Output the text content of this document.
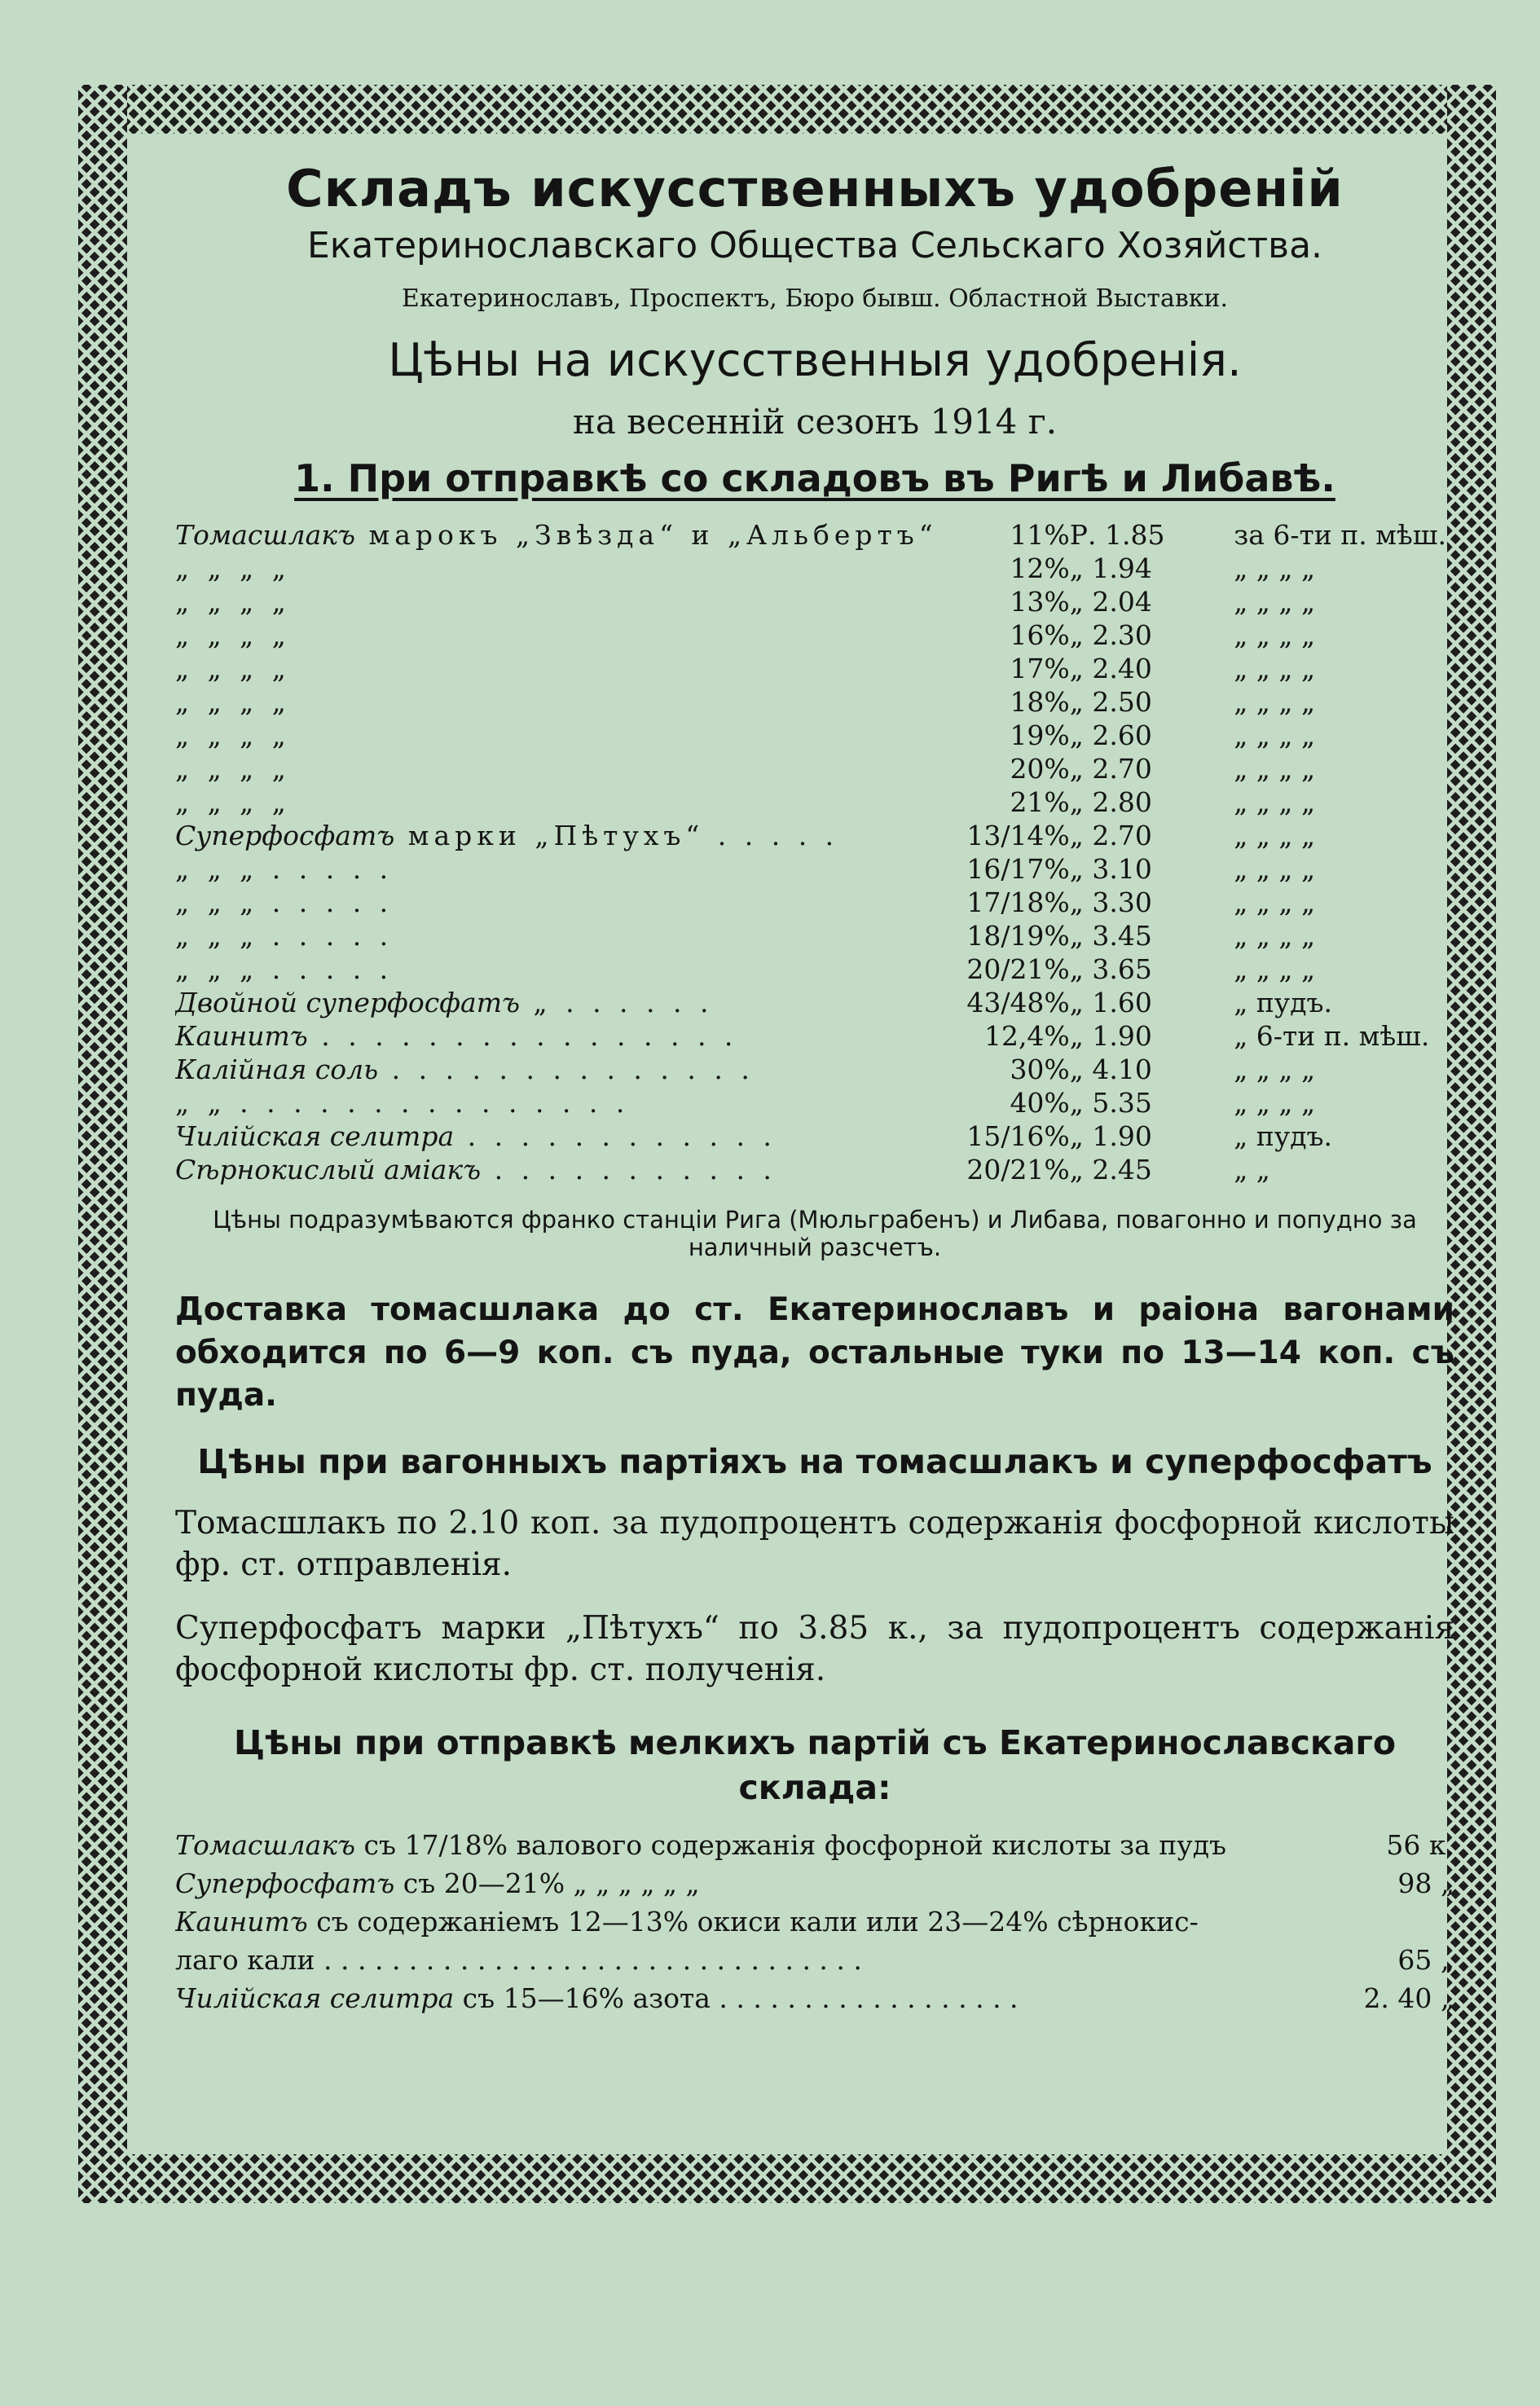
Складъ искусственныхъ удобреній
Екатеринославскаго Общества Сельскаго Хозяйства.
Екатеринославъ, Проспектъ, Бюро бывш. Областной Выставки.
Цѣны на искусственныя удобренія.
на весенній сезонъ 1914 г.
1. При отправкѣ со складовъ въ Ригѣ и Либавѣ.
Томасшлакъ марокъ „Звѣзда“ и „Альбертъ“	11%	Р. 1.85	за 6-ти п. мѣш.
„ „ „ „	12%	„ 1.94	„ „ „ „
„ „ „ „	13%	„ 2.04	„ „ „ „
„ „ „ „	16%	„ 2.30	„ „ „ „
„ „ „ „	17%	„ 2.40	„ „ „ „
„ „ „ „	18%	„ 2.50	„ „ „ „
„ „ „ „	19%	„ 2.60	„ „ „ „
„ „ „ „	20%	„ 2.70	„ „ „ „
„ „ „ „	21%	„ 2.80	„ „ „ „
Суперфосфатъ марки „Пѣтухъ“ . . . . .	13/14%	„ 2.70	„ „ „ „
„ „ „ . . . . .	16/17%	„ 3.10	„ „ „ „
„ „ „ . . . . .	17/18%	„ 3.30	„ „ „ „
„ „ „ . . . . .	18/19%	„ 3.45	„ „ „ „
„ „ „ . . . . .	20/21%	„ 3.65	„ „ „ „
Двойной суперфосфатъ „ . . . . . .	43/48%	„ 1.60	„ пудъ.
Каинитъ . . . . . . . . . . . . . . . .	12,4%	„ 1.90	„ 6-ти п. мѣш.
Калійная соль . . . . . . . . . . . . . .	30%	„ 4.10	„ „ „ „
„ „ . . . . . . . . . . . . . . .	40%	„ 5.35	„ „ „ „
Чилійская селитра . . . . . . . . . . . .	15/16%	„ 1.90	„ пудъ.
Сѣрнокислый аміакъ . . . . . . . . . . .	20/21%	„ 2.45	„ „
Цѣны подразумѣваются франко станціи Рига (Мюльграбенъ) и Либава, повагонно и попудно за наличный разсчетъ.
Доставка томасшлака до ст. Екатеринославъ и раіона вагонами обходится по 6—9 коп. съ пуда, остальные туки по 13—14 коп. съ пуда.
Цѣны при вагонныхъ партіяхъ на томасшлакъ и суперфосфатъ
Томасшлакъ по 2.10 коп. за пудопроцентъ содержанія фосфорной кислоты фр. ст. отправленія.
Суперфосфатъ марки „Пѣтухъ“ по 3.85 к., за пудопроцентъ содержанія фосфорной кислоты фр. ст. полученія.
Цѣны при отправкѣ мелкихъ партій съ Екатеринославскаго склада:
Томасшлакъ съ 17/18% валового содержанія фосфорной кислоты за пудъ	56 к.
Суперфосфатъ съ 20—21% „ „ „ „ „ „	98 „
Каинитъ съ содержаніемъ 12—13% окиси кали или 23—24% сѣрнокис-
лаго кали . . . . . . . . . . . . . . . . . . . . . . . . . . . . . . . .	65 „
Чилійская селитра съ 15—16% азота . . . . . . . . . . . . . . . . . .	2. 40 „
